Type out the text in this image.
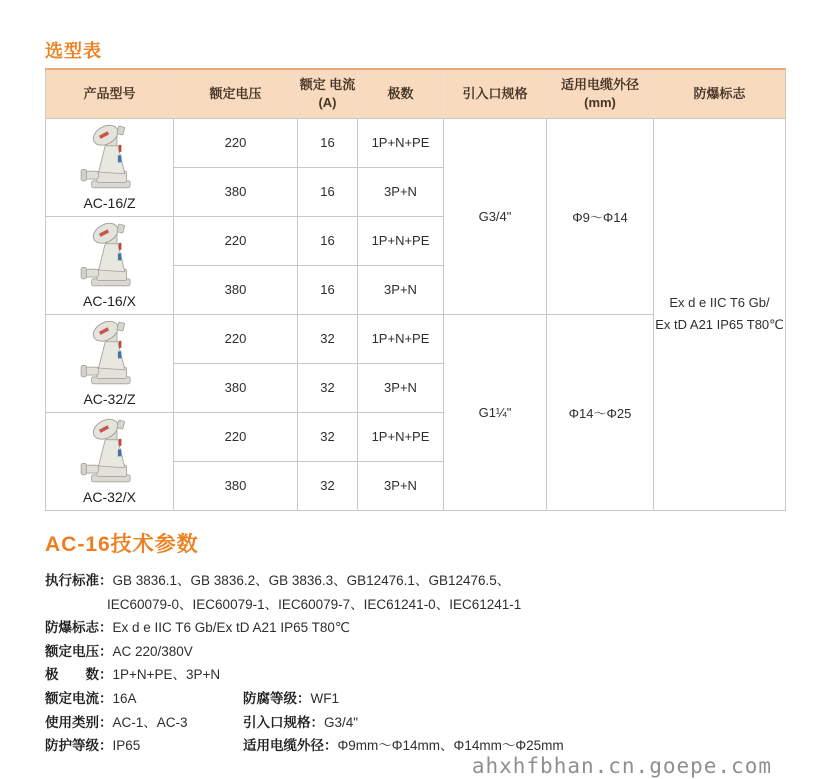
选型表
产品型号	额定电压	额定 电流(A)	极数	引入口规格	适用电缆外径 (mm)	防爆标志

AC-16/Z	220	16	1P+N+PE	G3/4"	Φ9～Φ14	Ex d e IIC T6 Gb/
Ex tD A21 IP65 T80℃

	380	16	3P+N			

AC-16/X	220	16	1P+N+PE			
	380	16	3P+N			

AC-32/Z	220	32	1P+N+PE	G1¼"	Φ14～Φ25	
	380	32	3P+N			

AC-32/X	220	32	1P+N+PE			
	380	32	3P+N			
AC-16技术参数
执行标准： GB 3836.1、GB 3836.2、GB 3836.3、GB12476.1、GB12476.5、
IEC60079-0、IEC60079-1、IEC60079-7、IEC61241-0、IEC61241-1
防爆标志： Ex d e IIC T6 Gb/Ex tD A21 IP65 T80℃
额定电压： AC 220/380V
极　　数： 1P+N+PE、3P+N
额定电流： 16A	防腐等级： WF1
使用类别： AC-1、AC-3	引入口规格： G3/4"
防护等级： IP65	适用电缆外径： Φ9mm～Φ14mm、Φ14mm～Φ25mm
ahxhfbhan.cn.goepe.com
